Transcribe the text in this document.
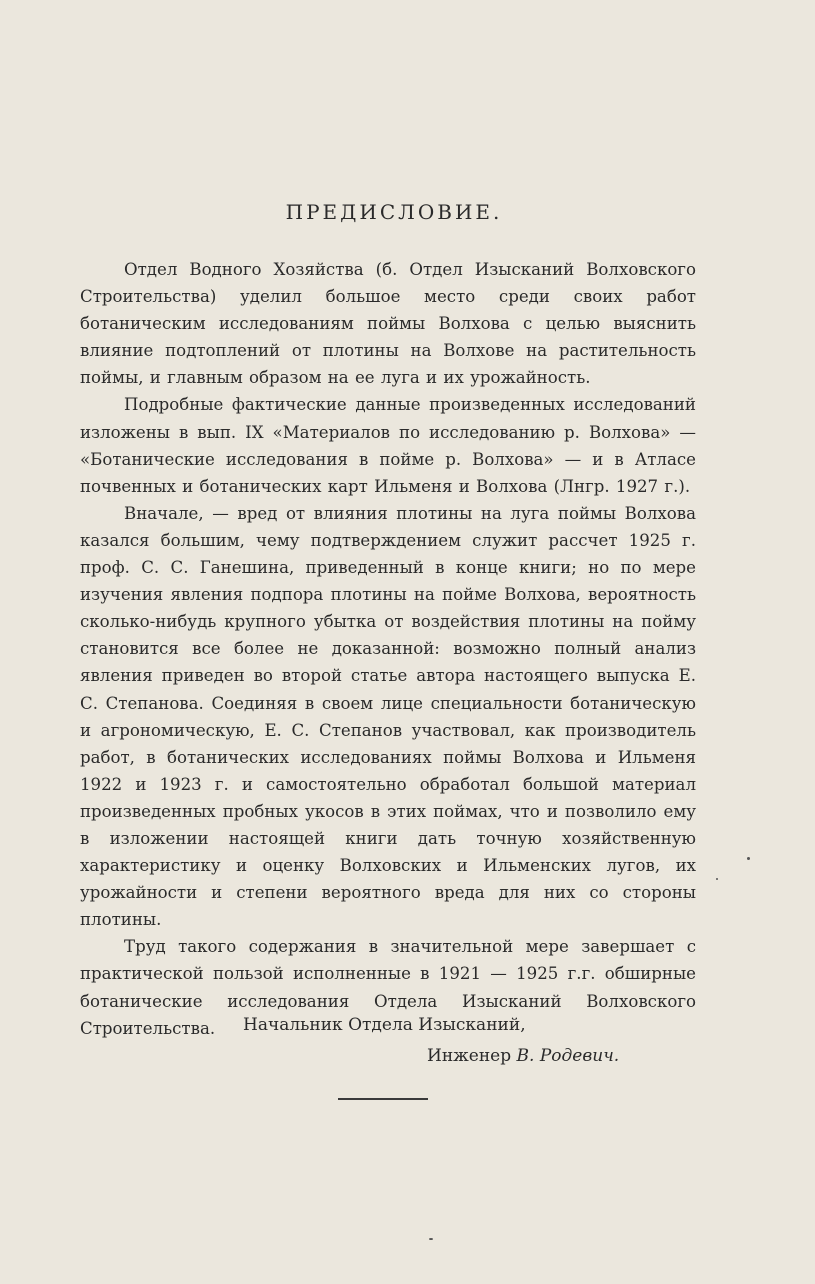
ПРЕДИСЛОВИЕ.

Отдел Водного Хозяйства (б. Отдел Изысканий Волховского Строительства) уделил большое место среди своих работ ботаническим исследованиям поймы Волхова с целью выяснить влияние подтоплений от плотины на Волхове на растительность поймы, и главным образом на ее луга и их урожайность.

Подробные фактические данные произведенных исследований изложены в вып. IX «Материалов по исследованию р. Волхова» — «Ботанические исследования в пойме р. Волхова» — и в Атласе почвенных и ботанических карт Ильменя и Волхова (Лнгр. 1927 г.).

Вначале, — вред от влияния плотины на луга поймы Волхова казался большим, чему подтверждением служит рассчет 1925 г. проф. С. С. Ганешина, приведенный в конце книги; но по мере изучения явления подпора плотины на пойме Волхова, вероятность сколько-нибудь крупного убытка от воздействия плотины на пойму становится все более не доказанной: возможно полный анализ явления приведен во второй статье автора настоящего выпуска Е. С. Степанова. Соединяя в своем лице специальности ботаническую и агрономическую, Е. С. Степанов участвовал, как производитель работ, в ботанических исследованиях поймы Волхова и Ильменя 1922 и 1923 г. и самостоятельно обработал большой материал произведенных пробных укосов в этих поймах, что и позволило ему в изложении настоящей книги дать точную хозяйственную характеристику и оценку Волховских и Ильменских лугов, их урожайности и степени вероятного вреда для них со стороны плотины.

Труд такого содержания в значительной мере завершает с практической пользой исполненные в 1921 — 1925 г.г. обширные ботанические исследования Отдела Изысканий Волховского Строительства.	Начальник Отдела Изысканий,
Инженер В. Родевич.
